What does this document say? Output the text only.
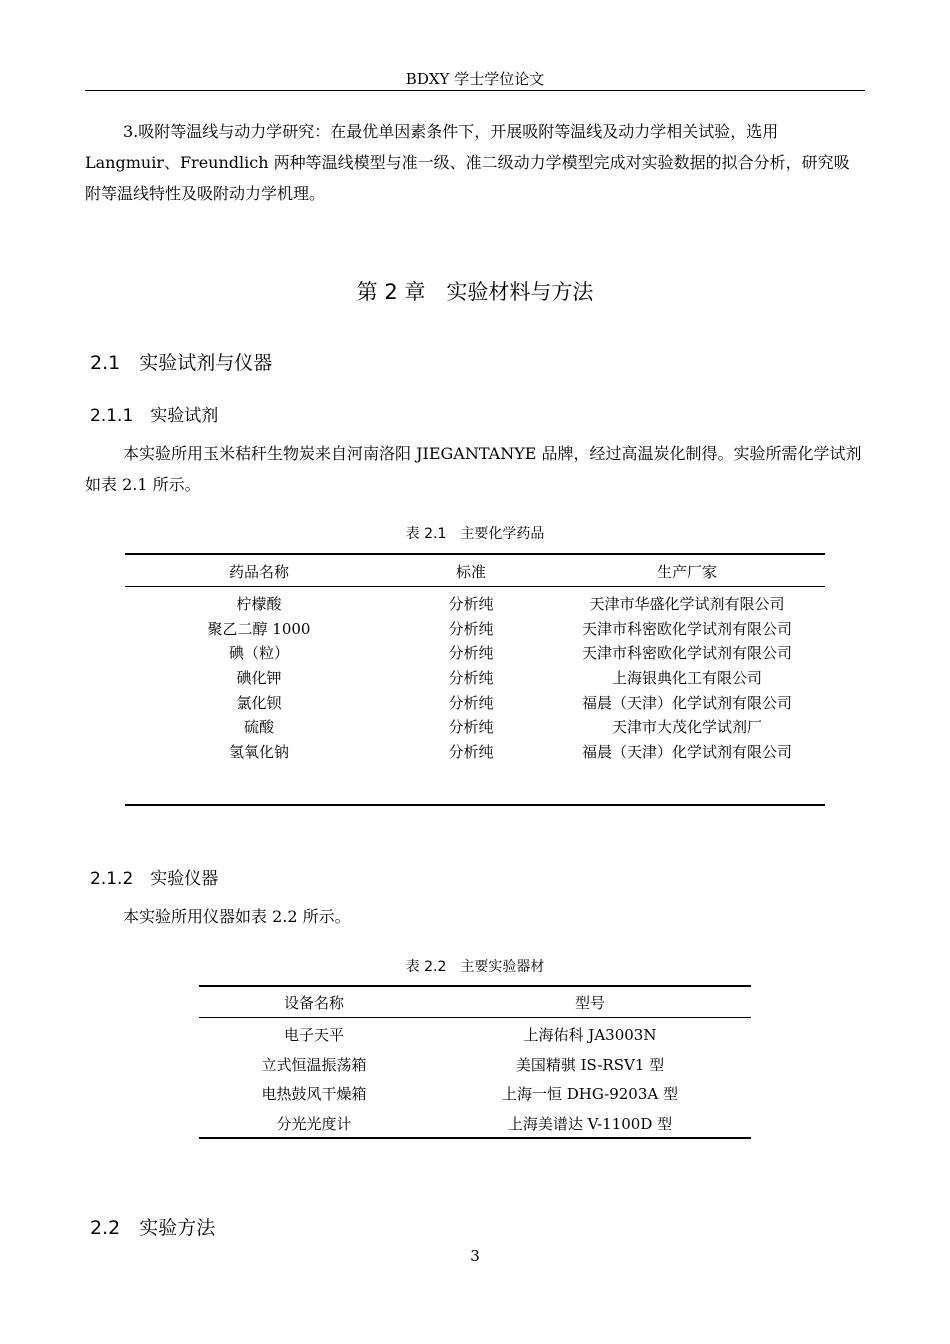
BDXY 学士学位论文
3.吸附等温线与动力学研究：在最优单因素条件下，开展吸附等温线及动力学相关试验，选用 Langmuir、Freundlich 两种等温线模型与准一级、准二级动力学模型完成对实验数据的拟合分析，研究吸附等温线特性及吸附动力学机理。
第 2 章　实验材料与方法
2.1　实验试剂与仪器
2.1.1　实验试剂
本实验所用玉米秸秆生物炭来自河南洛阳 JIEGANTANYE 品牌，经过高温炭化制得。实验所需化学试剂如表 2.1 所示。
表 2.1　主要化学药品
药品名称	标准	生产厂家
柠檬酸	分析纯	天津市华盛化学试剂有限公司
聚乙二醇 1000	分析纯	天津市科密欧化学试剂有限公司
碘（粒）	分析纯	天津市科密欧化学试剂有限公司
碘化钾	分析纯	上海银典化工有限公司
氯化钡	分析纯	福晨（天津）化学试剂有限公司
硫酸	分析纯	天津市大茂化学试剂厂
氢氧化钠	分析纯	福晨（天津）化学试剂有限公司
2.1.2　实验仪器
本实验所用仪器如表 2.2 所示。
表 2.2　主要实验器材
设备名称	型号
电子天平	上海佑科 JA3003N
立式恒温振荡箱	美国精骐 IS-RSV1 型
电热鼓风干燥箱	上海一恒 DHG-9203A 型
分光光度计	上海美谱达 V-1100D 型
2.2　实验方法
3
